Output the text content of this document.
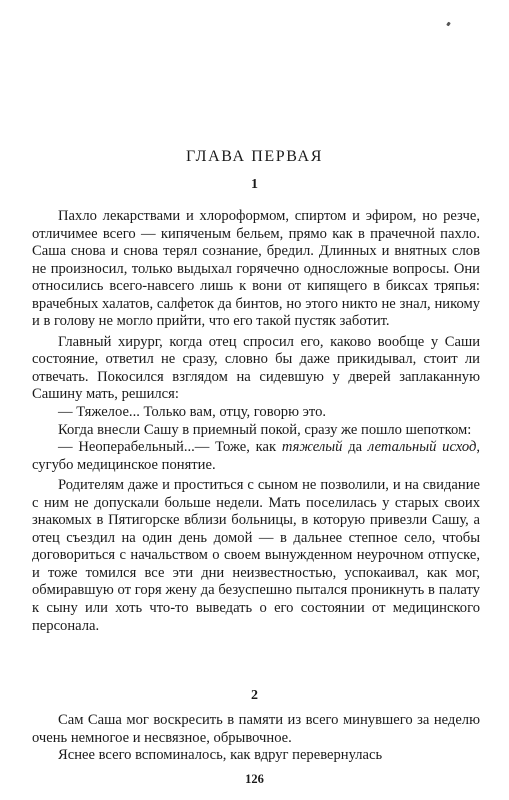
ГЛАВА ПЕРВАЯ
1

Пахло лекарствами и хлороформом, спиртом и эфиром, но резче, отличимее всего — кипяченым бельем, прямо как в прачечной пахло. Саша снова и снова терял сознание, бредил. Длинных и внятных слов не произносил, только выдыхал горячечно односложные вопросы. Они относились всего-навсего лишь к вони от кипящего в биксах тряпья: врачебных халатов, салфеток да бинтов, но этого никто не знал, никому и в голову не могло прийти, что его такой пустяк заботит.

Главный хирург, когда отец спросил его, каково вообще у Саши состояние, ответил не сразу, словно бы даже прикидывал, стоит ли отвечать. Покосился взглядом на сидевшую у дверей заплаканную Сашину мать, решился:

— Тяжелое... Только вам, отцу, говорю это.

Когда внесли Сашу в приемный покой, сразу же пошло шепотком:

— Неоперабельный...— Тоже, как тяжелый да летальный исход, сугубо медицинское понятие.

Родителям даже и проститься с сыном не позволили, и на свидание с ним не допускали больше недели. Мать поселилась у старых своих знакомых в Пятигорске вблизи больницы, в которую привезли Сашу, а отец съездил на один день домой — в дальнее степное село, чтобы договориться с начальством о своем вынужденном неурочном отпуске, и тоже томился все эти дни неизвестностью, успокаивал, как мог, обмиравшую от горя жену да безуспешно пытался проникнуть в палату к сыну или хоть что-то выведать о его состоянии от медицинского персонала.

2

Сам Саша мог воскресить в памяти из всего минувшего за неделю очень немногое и несвязное, обрывочное.

Яснее всего вспоминалось, как вдруг перевернулась

126
